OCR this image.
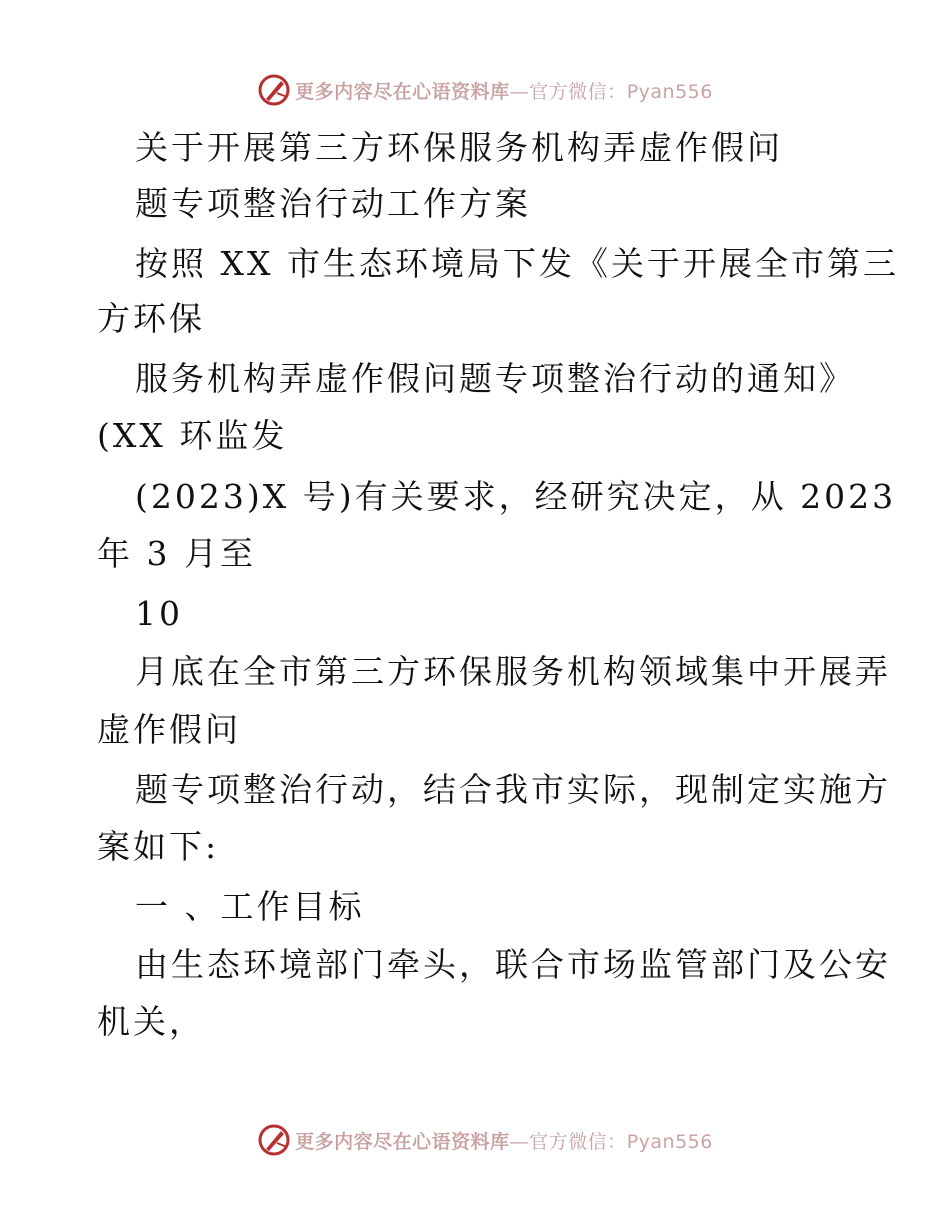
更多内容尽在心语资料库—官方微信：Pyan556
关于开展第三方环保服务机构弄虚作假问
题专项整治行动工作方案
按照 XX 市生态环境局下发《关于开展全市第三
方环保
服务机构弄虚作假问题专项整治行动的通知》
(XX 环监发
(2023)X 号)有关要求，经研究决定，从 2023
年 3 月至
10
月底在全市第三方环保服务机构领域集中开展弄
虚作假问
题专项整治行动，结合我市实际，现制定实施方
案如下:
一 、工作目标
由生态环境部门牵头，联合市场监管部门及公安
机关，
更多内容尽在心语资料库—官方微信：Pyan556
